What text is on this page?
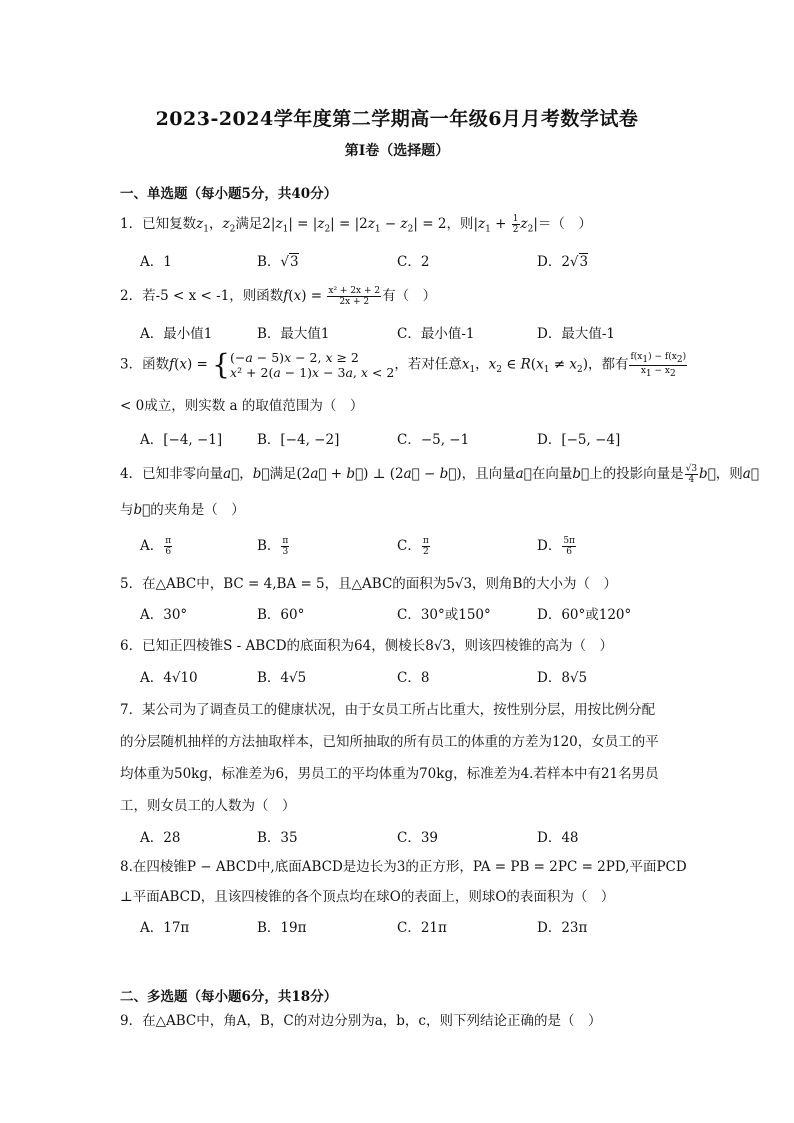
2023-2024学年度第二学期高一年级6月月考数学试卷
第I卷（选择题）
一、单选题（每小题5分，共40分）
1．已知复数$z_1$，$z_2$满足$2|z_1| = |z_2| = |2z_1 - z_2| = 2$，则$|z_1 + \frac{1}{2} z_2|=$（　）
A．1	B．√3	C．2	D．2√3
2．若-5 < x < -1，则函数$f(x) = \frac{\text{x² + 2x + 2}}{2x + 2}$ 有（　）
A．最小值1	B．最大值1	C．最小值-1	D．最大值-1
3．函数f(x) = {(−a − 5)x − 2, x ≥ 2
x² + 2(a − 1)x − 3a, x < 2，若对任意$x_1$，$x_2$ ∈ $R(x_1 \ne x_2)$，都有 $\frac{f(x_1) - f(x_2)}{x_1 - x_2}$
< 0成立，则实数 a 的取值范围为（　）
A．[−4, −1]	B．[−4, −2]	C．−5, −1	D．[−5, −4]
4．已知非零向量a⃗，b⃗满足(2a⃗ + b⃗) ⊥ (2a⃗ − b⃗)，且向量a⃗在向量b⃗上的投影向量是 $\frac{√3}{4}$ b⃗，则a⃗
与b⃗的夹角是（　）
A． $\frac{\pi}{6}$	B． $\frac{\pi}{3}$	C． $\frac{\pi}{2}$	D． $\frac{5\pi}{6}$
5．在△ABC中，BC = 4,BA = 5，且△ABC的面积为5√3，则角B的大小为（　）
A．30°	B．60°	C．30°或150°	D．60°或120°
6．已知正四棱锥S - ABCD的底面积为64，侧棱长8√3，则该四棱锥的高为（　）
A．4√10	B．4√5	C．8	D．8√5
7．某公司为了调查员工的健康状况，由于女员工所占比重大，按性别分层，用按比例分配
的分层随机抽样的方法抽取样本，已知所抽取的所有员工的体重的方差为120，女员工的平
均体重为50kg，标准差为6，男员工的平均体重为70kg，标准差为4.若样本中有21名男员
工，则女员工的人数为（　）
A．28	B．35	C．39	D．48
8.在四棱锥P − ABCD中,底面ABCD是边长为3的正方形，PA = PB = 2PC = 2PD,平面PCD
⊥平面ABCD，且该四棱锥的各个顶点均在球O的表面上，则球O的表面积为（　）
A．17π	B．19π	C．21π	D．23π
二、多选题（每小题6分，共18分）
9．在△ABC中，角A，B，C的对边分别为a，b，c，则下列结论正确的是（　）
